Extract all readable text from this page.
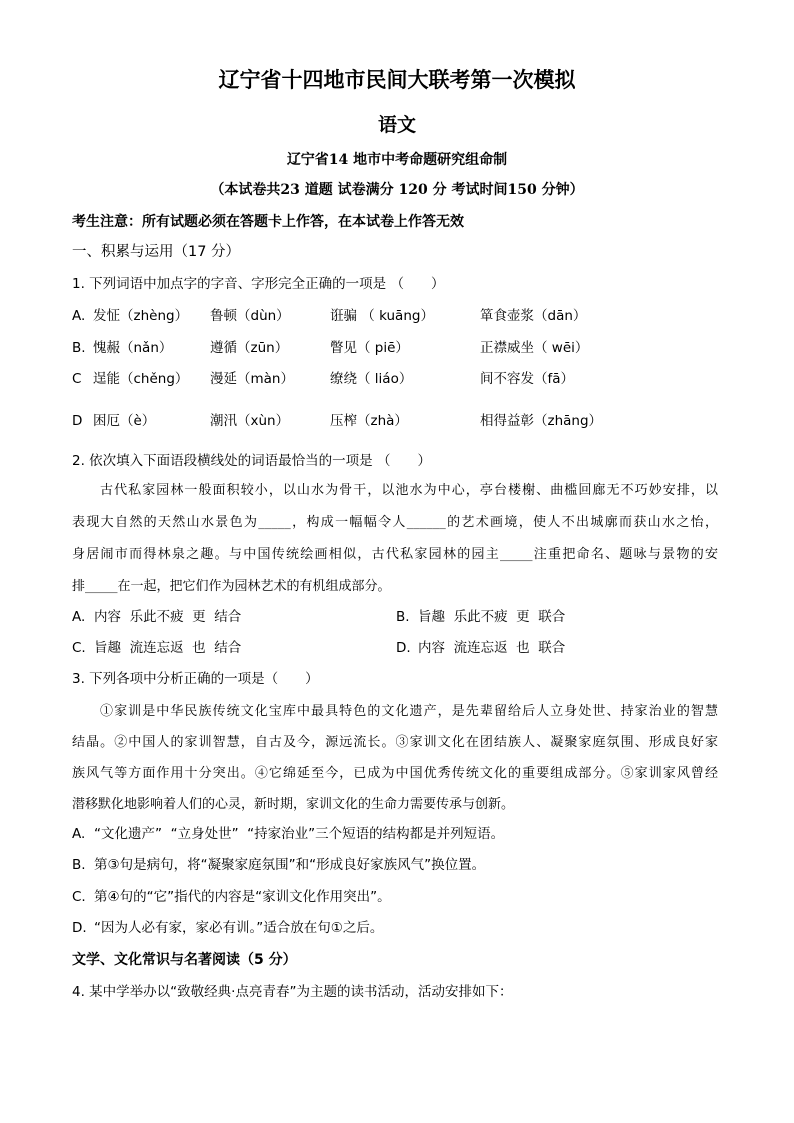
辽宁省十四地市民间大联考第一次模拟
语文
辽宁省14 地市中考命题研究组命制
（本试卷共23 道题 试卷满分 120 分 考试时间150 分钟）
考生注意：所有试题必须在答题卡上作答，在本试卷上作答无效
一、积累与运用（17 分）
1. 下列词语中加点字的字音、字形完全正确的一项是 （　　）
A. 发怔（zhèng）	鲁顿（dùn）	诳骗 （ kuāng）	箪食壶浆（dān）
B. 愧赧（nǎn）	遵循（zūn）	瞥见（ piē）	正襟威坐（ wēi）
C 逞能（chěng）	漫延（màn）	缭绕（ liáo）	间不容发（fā）
D 困厄（è）	潮汛（xùn）	压榨（zhà）	相得益彰（zhāng）
2. 依次填入下面语段横线处的词语最恰当的一项是 （　　）
古代私家园林一般面积较小，以山水为骨干，以池水为中心，亭台楼榭、曲槛回廊无不巧妙安排，以
表现大自然的天然山水景色为_____，构成一幅幅令人______的艺术画境，使人不出城廓而获山水之怡，
身居闹市而得林泉之趣。与中国传统绘画相似，古代私家园林的园主_____注重把命名、题咏与景物的安
排_____在一起，把它们作为园林艺术的有机组成部分。
A. 内容  乐此不疲  更  结合	B. 旨趣  乐此不疲  更  联合
C. 旨趣  流连忘返  也  结合	D. 内容  流连忘返  也  联合
3. 下列各项中分析正确的一项是（　　）
①家训是中华民族传统文化宝库中最具特色的文化遗产，是先辈留给后人立身处世、持家治业的智慧
结晶。②中国人的家训智慧，自古及今，源远流长。③家训文化在团结族人、凝聚家庭氛围、形成良好家
族风气等方面作用十分突出。④它绵延至今，已成为中国优秀传统文化的重要组成部分。⑤家训家风曾经
潜移默化地影响着人们的心灵，新时期，家训文化的生命力需要传承与创新。
A. “文化遗产”  “立身处世”  “持家治业”三个短语的结构都是并列短语。
B. 第③句是病句，将“凝聚家庭氛围”和“形成良好家族风气”换位置。
C. 第④句的“它”指代的内容是“家训文化作用突出”。
D. “因为人必有家，家必有训。”适合放在句①之后。
文学、文化常识与名著阅读（5 分）
4. 某中学举办以“致敬经典·点亮青春”为主题的读书活动，活动安排如下：
